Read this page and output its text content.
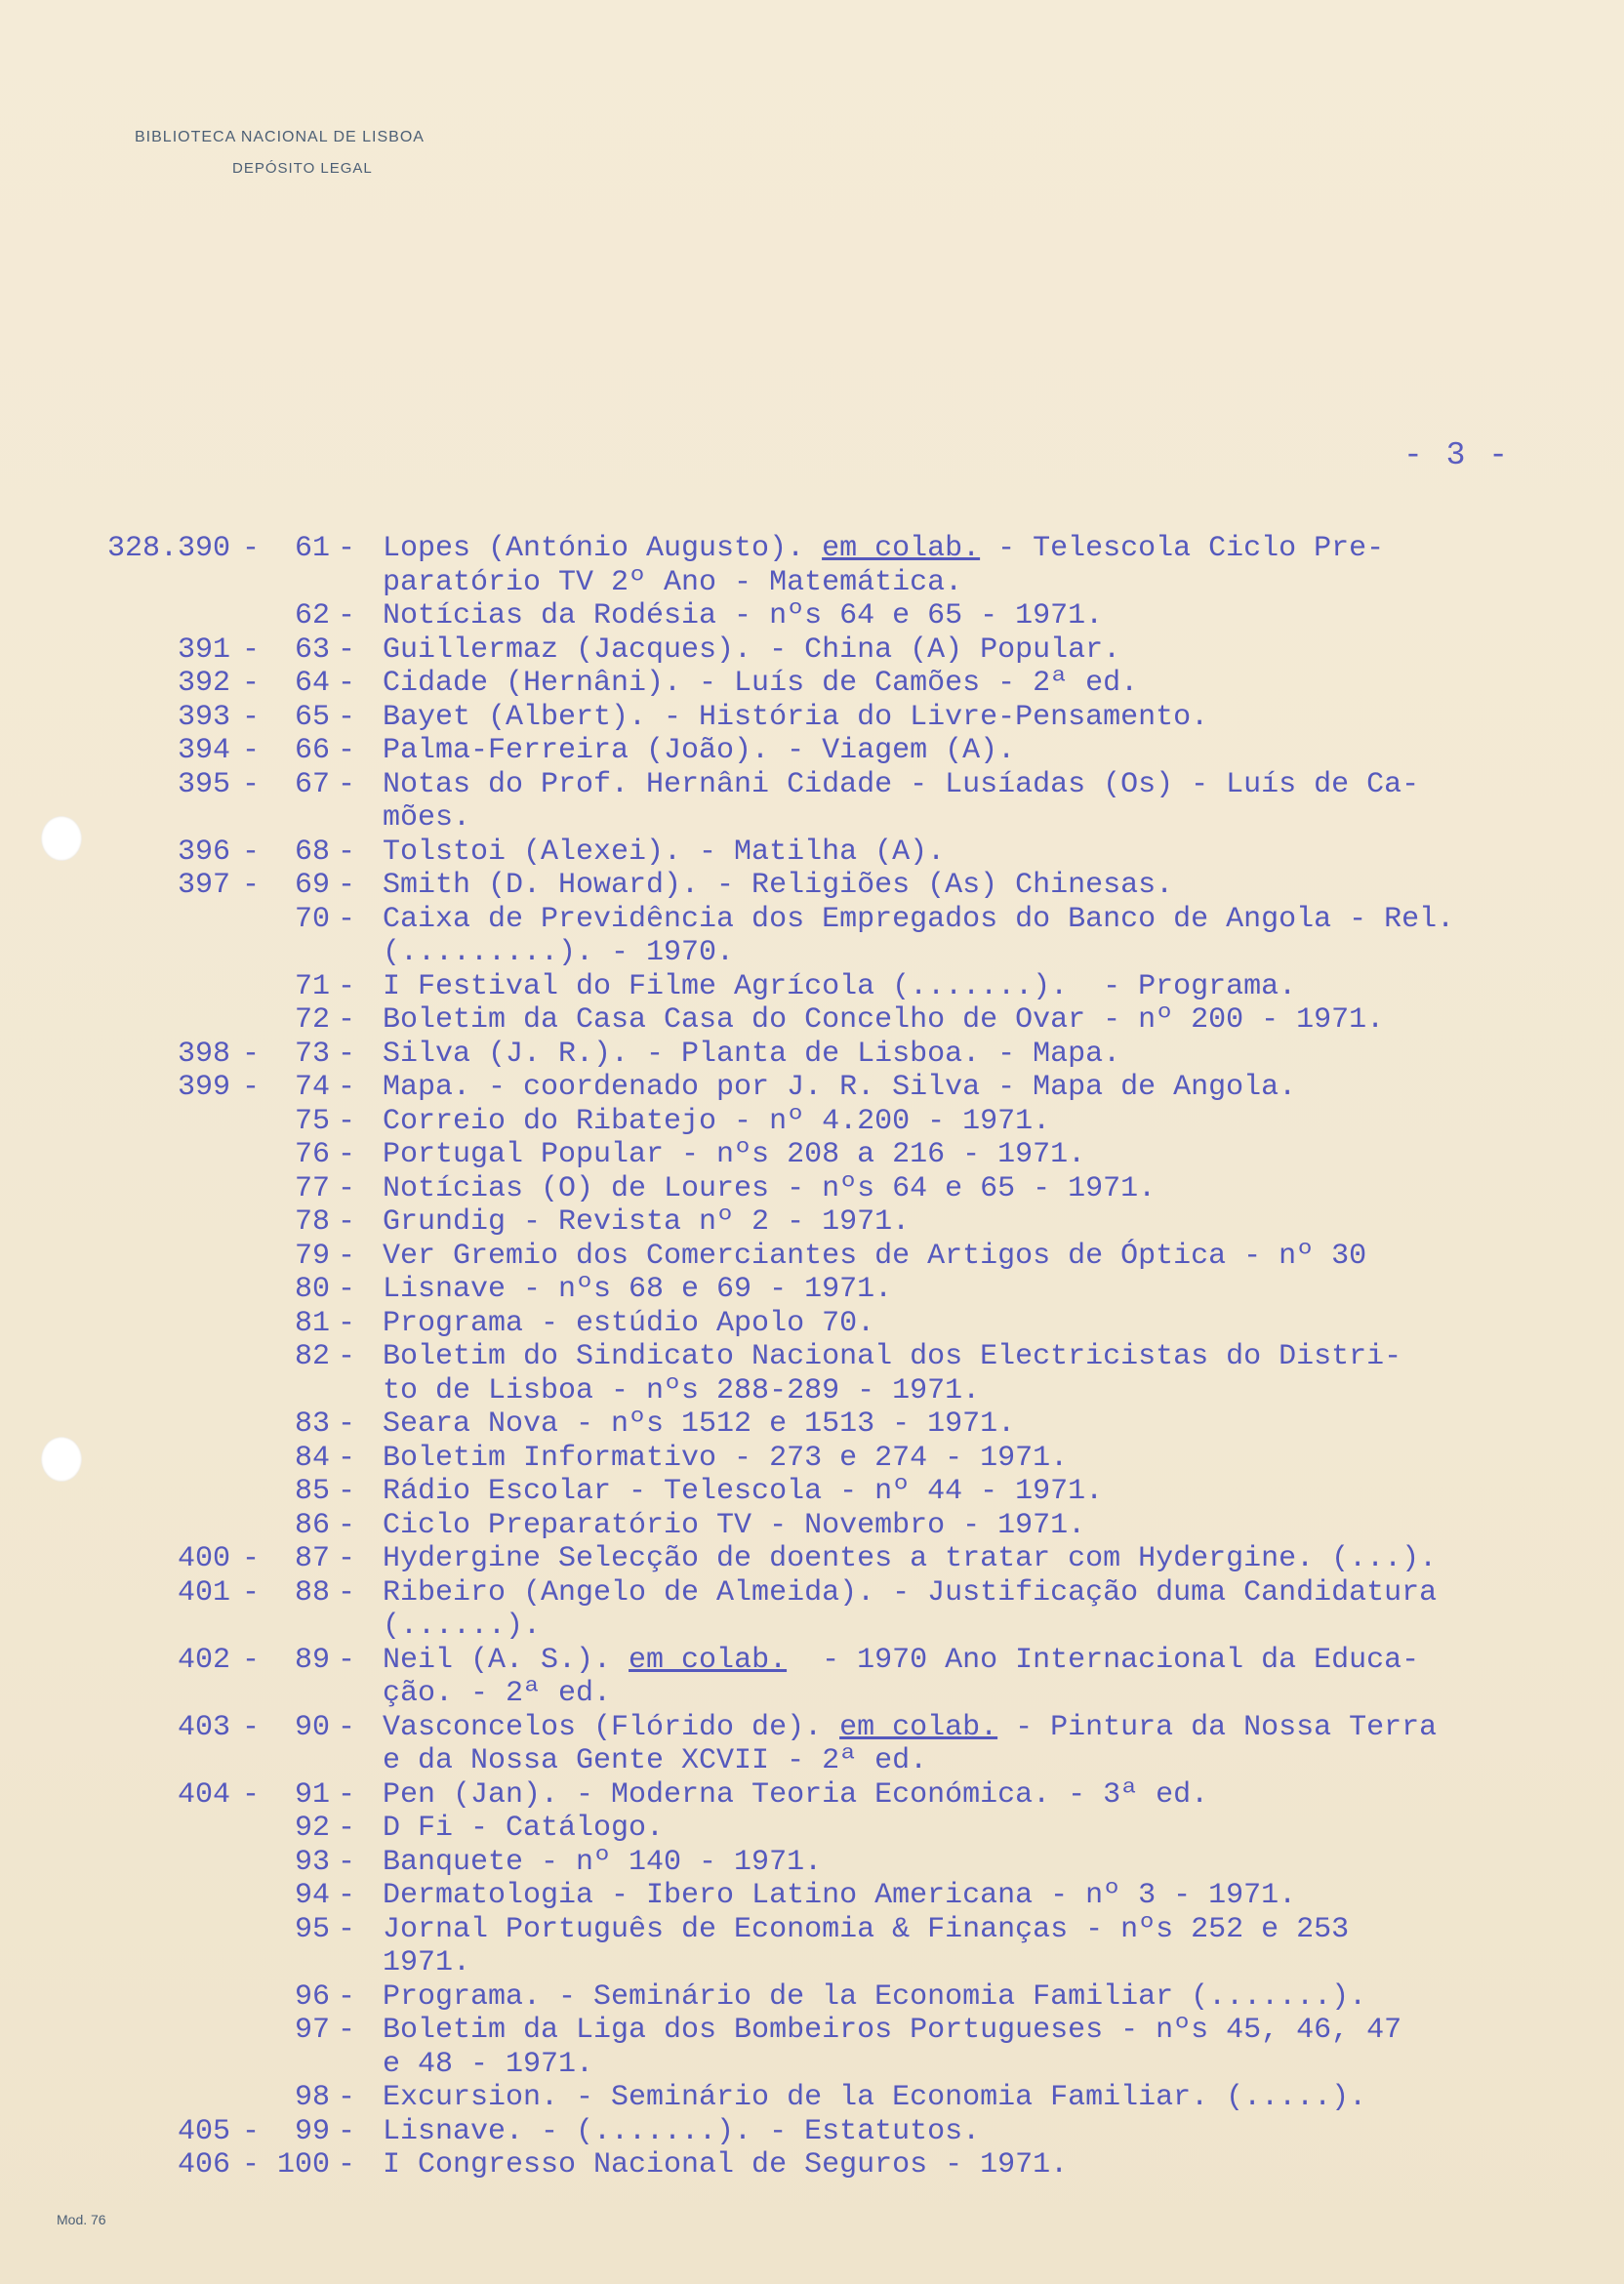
BIBLIOTECA NACIONAL DE LISBOA
DEPÓSITO LEGAL
- 3 -
328.390 - 61 - Lopes (António Augusto). em colab. - Telescola Ciclo Pre-
paratório TV 2º Ano - Matemática.
62 - Notícias da Rodésia - nºs 64 e 65 - 1971.
391 - 63 - Guillermaz (Jacques). - China (A) Popular.
392 - 64 - Cidade (Hernâni). - Luís de Camões - 2ª ed.
393 - 65 - Bayet (Albert). - História do Livre-Pensamento.
394 - 66 - Palma-Ferreira (João). - Viagem (A).
395 - 67 - Notas do Prof. Hernâni Cidade - Lusíadas (Os) - Luís de Ca-
mões.
396 - 68 - Tolstoi (Alexei). - Matilha (A).
397 - 69 - Smith (D. Howard). - Religiões (As) Chinesas.
70 - Caixa de Previdência dos Empregados do Banco de Angola - Rel.
(.........). - 1970.
71 - I Festival do Filme Agrícola (.......).  - Programa.
72 - Boletim da Casa Casa do Concelho de Ovar - nº 200 - 1971.
398 - 73 - Silva (J. R.). - Planta de Lisboa. - Mapa.
399 - 74 - Mapa. - coordenado por J. R. Silva - Mapa de Angola.
75 - Correio do Ribatejo - nº 4.200 - 1971.
76 - Portugal Popular - nºs 208 a 216 - 1971.
77 - Notícias (O) de Loures - nºs 64 e 65 - 1971.
78 - Grundig - Revista nº 2 - 1971.
79 - Ver Gremio dos Comerciantes de Artigos de Óptica - nº 30
80 - Lisnave - nºs 68 e 69 - 1971.
81 - Programa - estúdio Apolo 70.
82 - Boletim do Sindicato Nacional dos Electricistas do Distri-
to de Lisboa - nºs 288-289 - 1971.
83 - Seara Nova - nºs 1512 e 1513 - 1971.
84 - Boletim Informativo - 273 e 274 - 1971.
85 - Rádio Escolar - Telescola - nº 44 - 1971.
86 - Ciclo Preparatório TV - Novembro - 1971.
400 - 87 - Hydergine Selecção de doentes a tratar com Hydergine. (...).
401 - 88 - Ribeiro (Angelo de Almeida). - Justificação duma Candidatura
(......).
402 - 89 - Neil (A. S.). em colab.  - 1970 Ano Internacional da Educa-
ção. - 2ª ed.
403 - 90 - Vasconcelos (Flórido de). em colab. - Pintura da Nossa Terra
e da Nossa Gente XCVII - 2ª ed.
404 - 91 - Pen (Jan). - Moderna Teoria Económica. - 3ª ed.
92 - D Fi - Catálogo.
93 - Banquete - nº 140 - 1971.
94 - Dermatologia - Ibero Latino Americana - nº 3 - 1971.
95 - Jornal Português de Economia & Finanças - nºs 252 e 253
1971.
96 - Programa. - Seminário de la Economia Familiar (.......).
97 - Boletim da Liga dos Bombeiros Portugueses - nºs 45, 46, 47
e 48 - 1971.
98 - Excursion. - Seminário de la Economia Familiar. (.....).
405 - 99 - Lisnave. - (.......). - Estatutos.
406 - 100 - I Congresso Nacional de Seguros - 1971.
Mod. 76
